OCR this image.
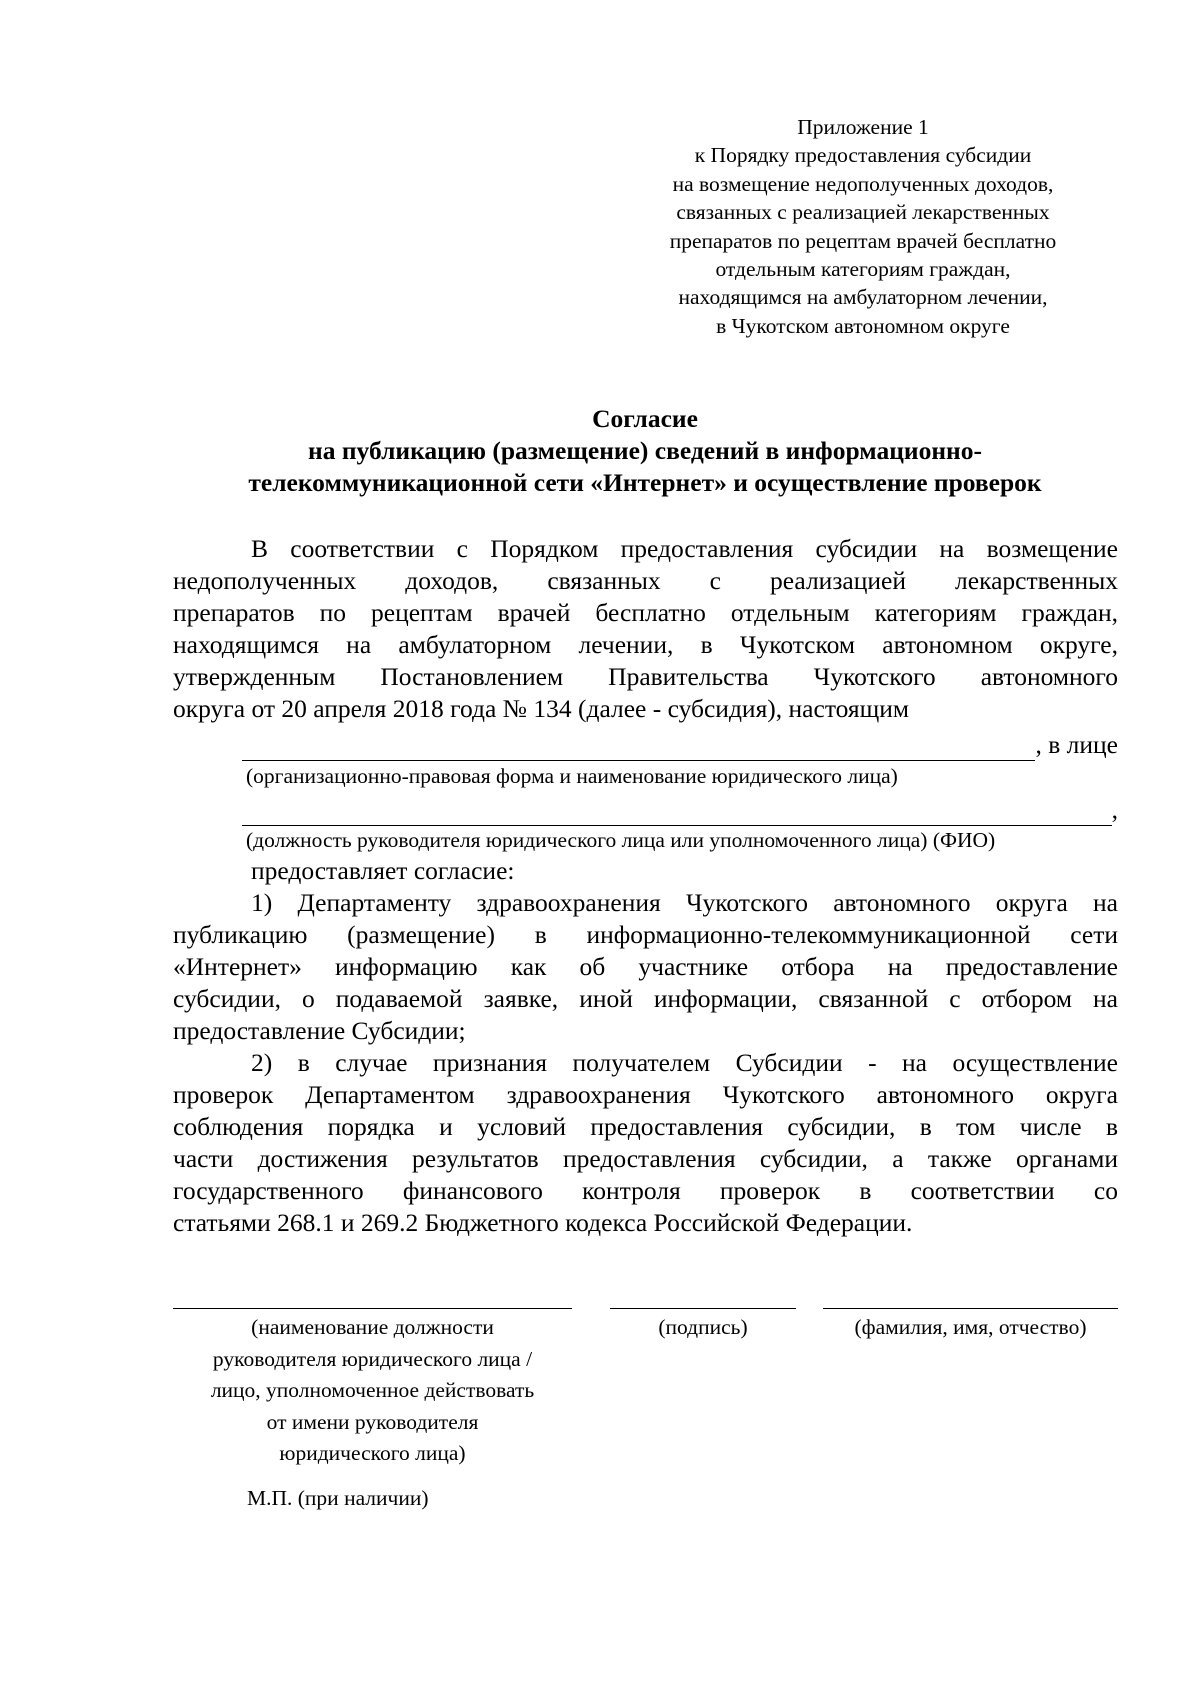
Приложение 1
к Порядку предоставления субсидии
на возмещение недополученных доходов,
связанных с реализацией лекарственных
препаратов по рецептам врачей бесплатно
отдельным категориям граждан,
находящимся на амбулаторном лечении,
в Чукотском автономном округе
Согласие
на публикацию (размещение) сведений в информационно-
телекоммуникационной сети «Интернет» и осуществление проверок
В соответствии с Порядком предоставления субсидии на возмещение
недополученных доходов, связанных с реализацией лекарственных
препаратов по рецептам врачей бесплатно отдельным категориям граждан,
находящимся на амбулаторном лечении, в Чукотском автономном округе,
утвержденным Постановлением Правительства Чукотского автономного
округа от 20 апреля 2018 года № 134 (далее - субсидия), настоящим
, в лице
(организационно-правовая форма и наименование юридического лица)
,
(должность руководителя юридического лица или уполномоченного лица) (ФИО)
предоставляет согласие:
1) Департаменту здравоохранения Чукотского автономного округа на
публикацию (размещение) в информационно-телекоммуникационной сети
«Интернет» информацию как об участнике отбора на предоставление
субсидии, о подаваемой заявке, иной информации, связанной с отбором на
предоставление Субсидии;
2) в случае признания получателем Субсидии - на осуществление
проверок Департаментом здравоохранения Чукотского автономного округа
соблюдения порядка и условий предоставления субсидии, в том числе в
части достижения результатов предоставления субсидии, а также органами
государственного финансового контроля проверок в соответствии со
статьями 268.1 и 269.2 Бюджетного кодекса Российской Федерации.
(наименование должности
руководителя юридического лица /
лицо, уполномоченное действовать
от имени руководителя
юридического лица)
(подпись)	(фамилия, имя, отчество)
М.П. (при наличии)
